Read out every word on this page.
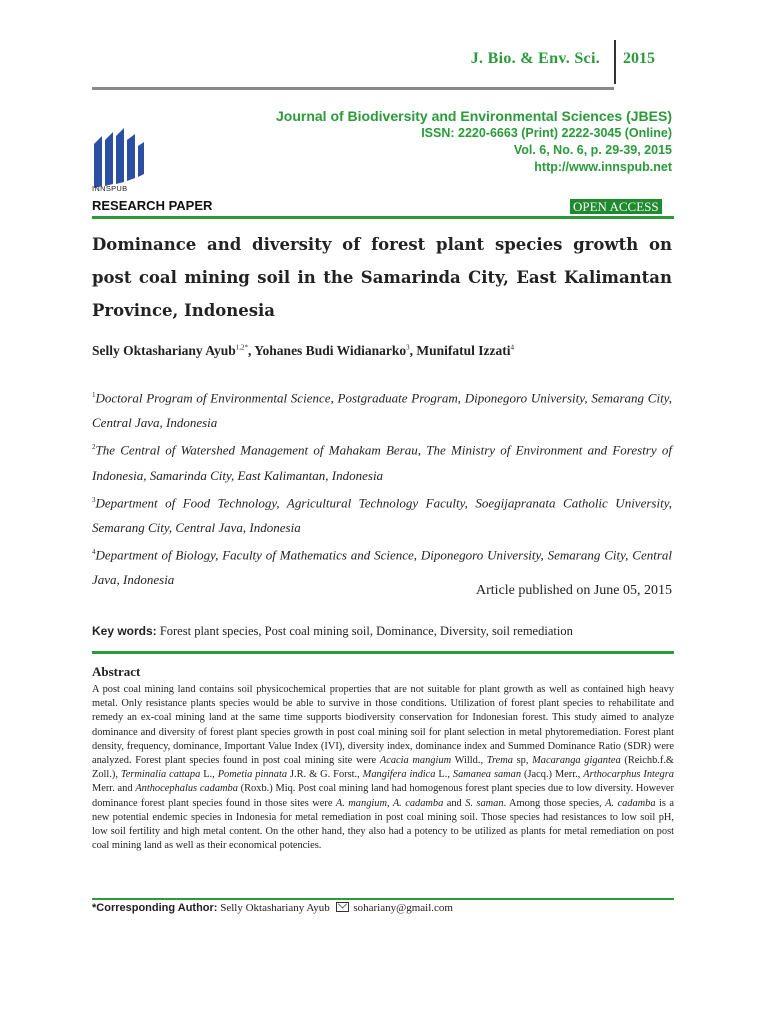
J. Bio. & Env. Sci. 2015
INNSPUB
Journal of Biodiversity and Environmental Sciences (JBES)
ISSN: 2220-6663 (Print) 2222-3045 (Online)
Vol. 6, No. 6, p. 29-39, 2015
http://www.innspub.net
RESEARCH PAPER	OPEN ACCESS
Dominance and diversity of forest plant species growth on post coal mining soil in the Samarinda City, East Kalimantan Province, Indonesia
Selly Oktashariany Ayub$^{1,2*}$, Yohanes Budi Widianarko$^3$, Munifatul Izzati$^4$
$^1$Doctoral Program of Environmental Science, Postgraduate Program, Diponegoro University, Semarang City, Central Java, Indonesia
$^2$The Central of Watershed Management of Mahakam Berau, The Ministry of Environment and Forestry of Indonesia, Samarinda City, East Kalimantan, Indonesia
$^3$Department of Food Technology, Agricultural Technology Faculty, Soegijapranata Catholic University, Semarang City, Central Java, Indonesia
$^4$Department of Biology, Faculty of Mathematics and Science, Diponegoro University, Semarang City, Central Java, Indonesia
Article published on June 05, 2015
Key words: Forest plant species, Post coal mining soil, Dominance, Diversity, soil remediation
Abstract
A post coal mining land contains soil physicochemical properties that are not suitable for plant growth as well as contained high heavy metal. Only resistance plants species would be able to survive in those conditions. Utilization of forest plant species to rehabilitate and remedy an ex-coal mining land at the same time supports biodiversity conservation for Indonesian forest. This study aimed to analyze dominance and diversity of forest plant species growth in post coal mining soil for plant selection in metal phytoremediation. Forest plant density, frequency, dominance, Important Value Index (IVI), diversity index, dominance index and Summed Dominance Ratio (SDR) were analyzed. Forest plant species found in post coal mining site were Acacia mangium Willd., Trema sp, Macaranga gigantea (Reichb.f.& Zoll.), Terminalia cattapa L., Pometia pinnata J.R. & G. Forst., Mangifera indica L., Samanea saman (Jacq.) Merr., Arthocarphus Integra Merr. and Anthocephalus cadamba (Roxb.) Miq. Post coal mining land had homogenous forest plant species due to low diversity. However dominance forest plant species found in those sites were A. mangium, A. cadamba and S. saman. Among those species, A. cadamba is a new potential endemic species in Indonesia for metal remediation in post coal mining soil. Those species had resistances to low soil pH, low soil fertility and high metal content. On the other hand, they also had a potency to be utilized as plants for metal remediation on post coal mining land as well as their economical potencies.
*Corresponding Author: Selly Oktashariany Ayub sohariany@gmail.com
